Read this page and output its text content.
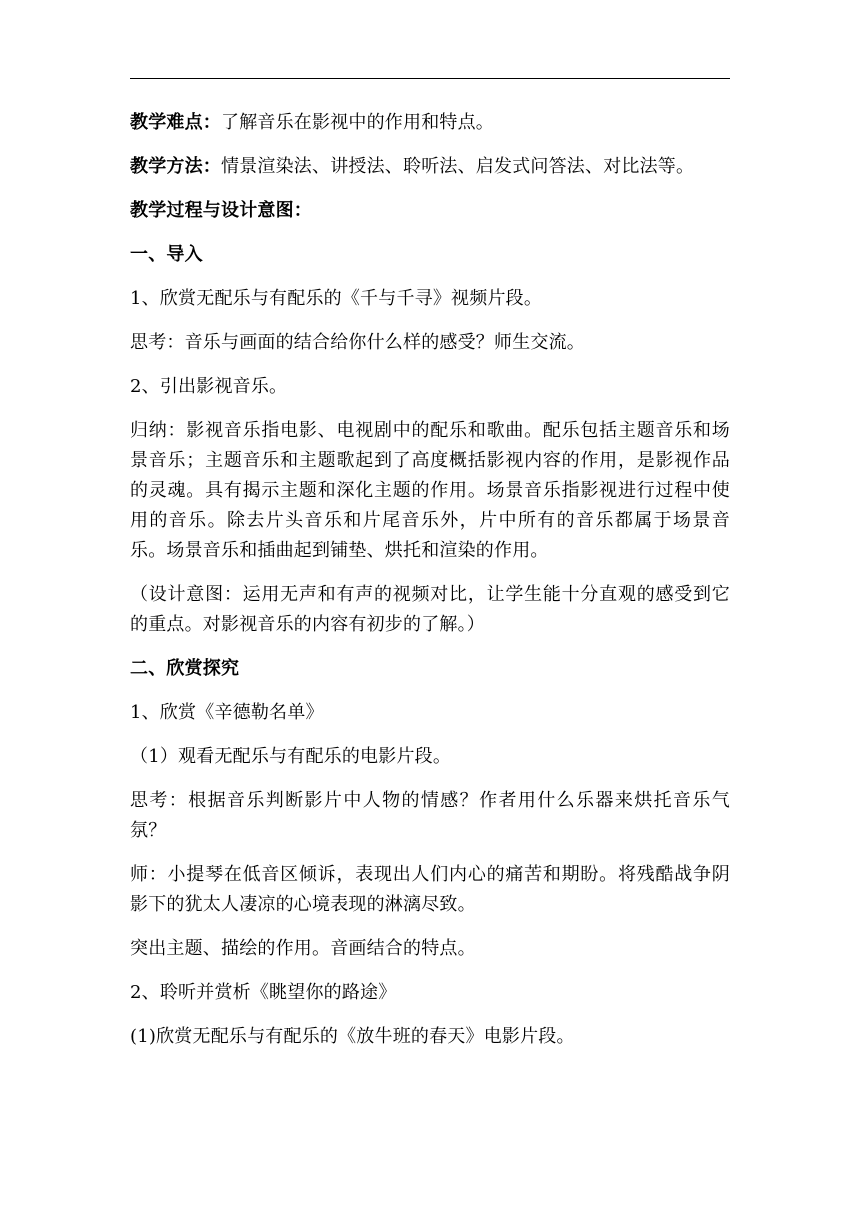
教学难点：了解音乐在影视中的作用和特点。

教学方法：情景渲染法、讲授法、聆听法、启发式问答法、对比法等。

教学过程与设计意图：

一、导入

1、欣赏无配乐与有配乐的《千与千寻》视频片段。

思考：音乐与画面的结合给你什么样的感受？师生交流。

2、引出影视音乐。

归纳：影视音乐指电影、电视剧中的配乐和歌曲。配乐包括主题音乐和场景音乐；主题音乐和主题歌起到了高度概括影视内容的作用，是影视作品的灵魂。具有揭示主题和深化主题的作用。场景音乐指影视进行过程中使用的音乐。除去片头音乐和片尾音乐外，片中所有的音乐都属于场景音乐。场景音乐和插曲起到铺垫、烘托和渲染的作用。

（设计意图：运用无声和有声的视频对比，让学生能十分直观的感受到它的重点。对影视音乐的内容有初步的了解。）

二、欣赏探究

1、欣赏《辛德勒名单》

（1）观看无配乐与有配乐的电影片段。

思考：根据音乐判断影片中人物的情感？作者用什么乐器来烘托音乐气氛？

师：小提琴在低音区倾诉，表现出人们内心的痛苦和期盼。将残酷战争阴影下的犹太人凄凉的心境表现的淋漓尽致。

突出主题、描绘的作用。音画结合的特点。

2、聆听并赏析《眺望你的路途》

(1)欣赏无配乐与有配乐的《放牛班的春天》电影片段。
